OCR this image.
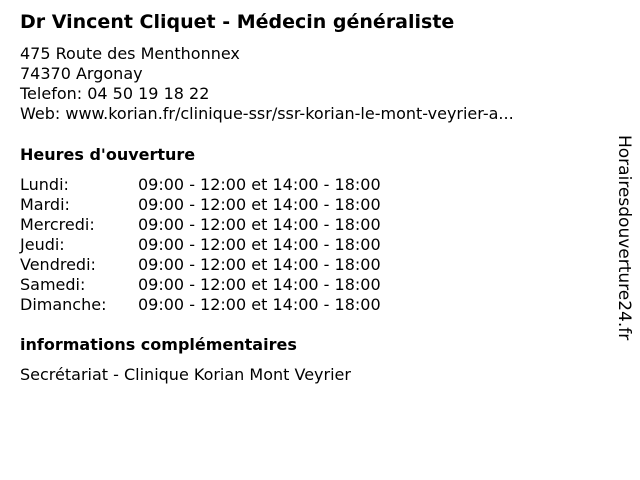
Dr Vincent Cliquet - Médecin généraliste
475 Route des Menthonnex
74370 Argonay
Telefon: 04 50 19 18 22
Web: www.korian.fr/clinique-ssr/ssr-korian-le-mont-veyrier-a...
Heures d'ouverture
Lundi:	09:00 - 12:00 et 14:00 - 18:00
Mardi:	09:00 - 12:00 et 14:00 - 18:00
Mercredi:	09:00 - 12:00 et 14:00 - 18:00
Jeudi:	09:00 - 12:00 et 14:00 - 18:00
Vendredi:	09:00 - 12:00 et 14:00 - 18:00
Samedi:	09:00 - 12:00 et 14:00 - 18:00
Dimanche:	09:00 - 12:00 et 14:00 - 18:00
informations complémentaires
Secrétariat - Clinique Korian Mont Veyrier
Horairesdouverture24.fr
